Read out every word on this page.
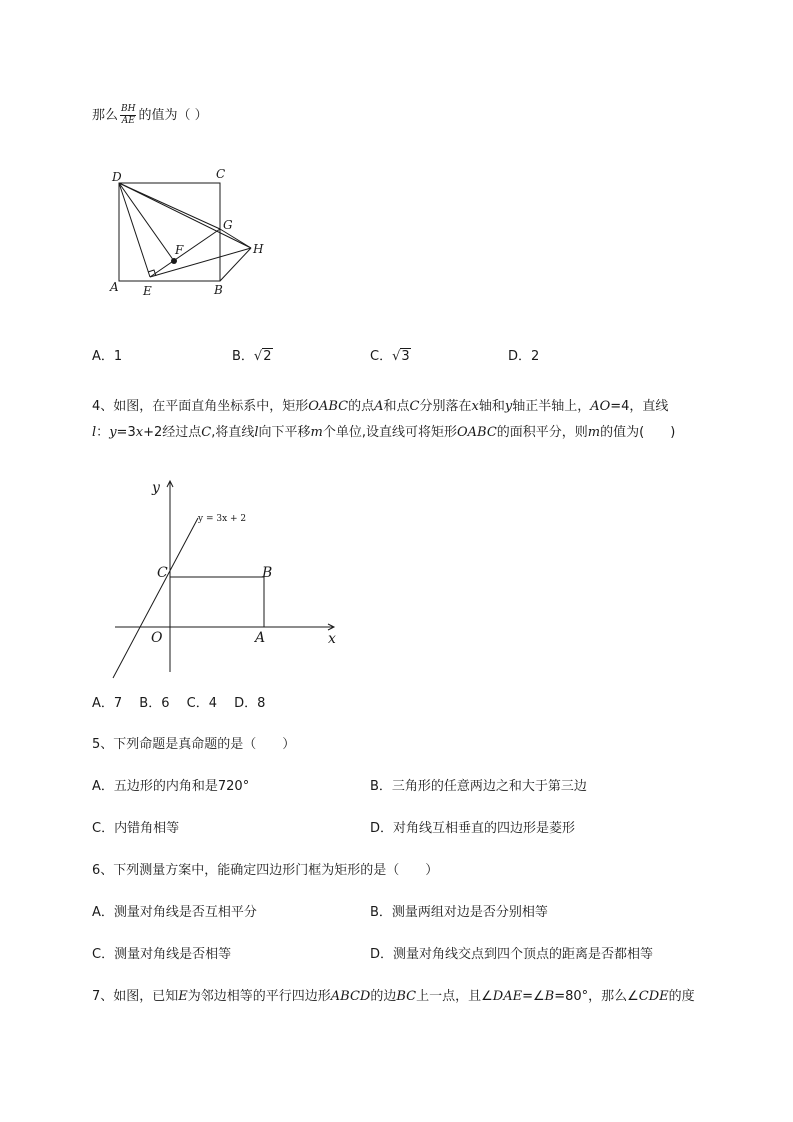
那么 $\frac{BH}{AE}$ 的值为（ ）
D	C
G
F	H
A E	B
A．1	B．√2	C．√3	D．2
4、如图，在平面直角坐标系中，矩形OABC的点A和点C分别落在x轴和y轴正半轴上，AO=4，直线
l：y=3x+2经过点C,将直线l向下平移m个单位,设直线可将矩形OABC的面积平分，则m的值为(　　)
y = 3x + 2
y
x
C	B
O	A
A．7　 B．6　 C．4　 D．8
5、下列命题是真命题的是（　　）
A．五边形的内角和是720°	B．三角形的任意两边之和大于第三边
C．内错角相等	D．对角线互相垂直的四边形是菱形
6、下列测量方案中，能确定四边形门框为矩形的是（　　）
A．测量对角线是否互相平分	B．测量两组对边是否分别相等
C．测量对角线是否相等	D．测量对角线交点到四个顶点的距离是否都相等
7、如图，已知E为邻边相等的平行四边形ABCD的边BC上一点，且∠DAE=∠B=80°，那么∠CDE的度
